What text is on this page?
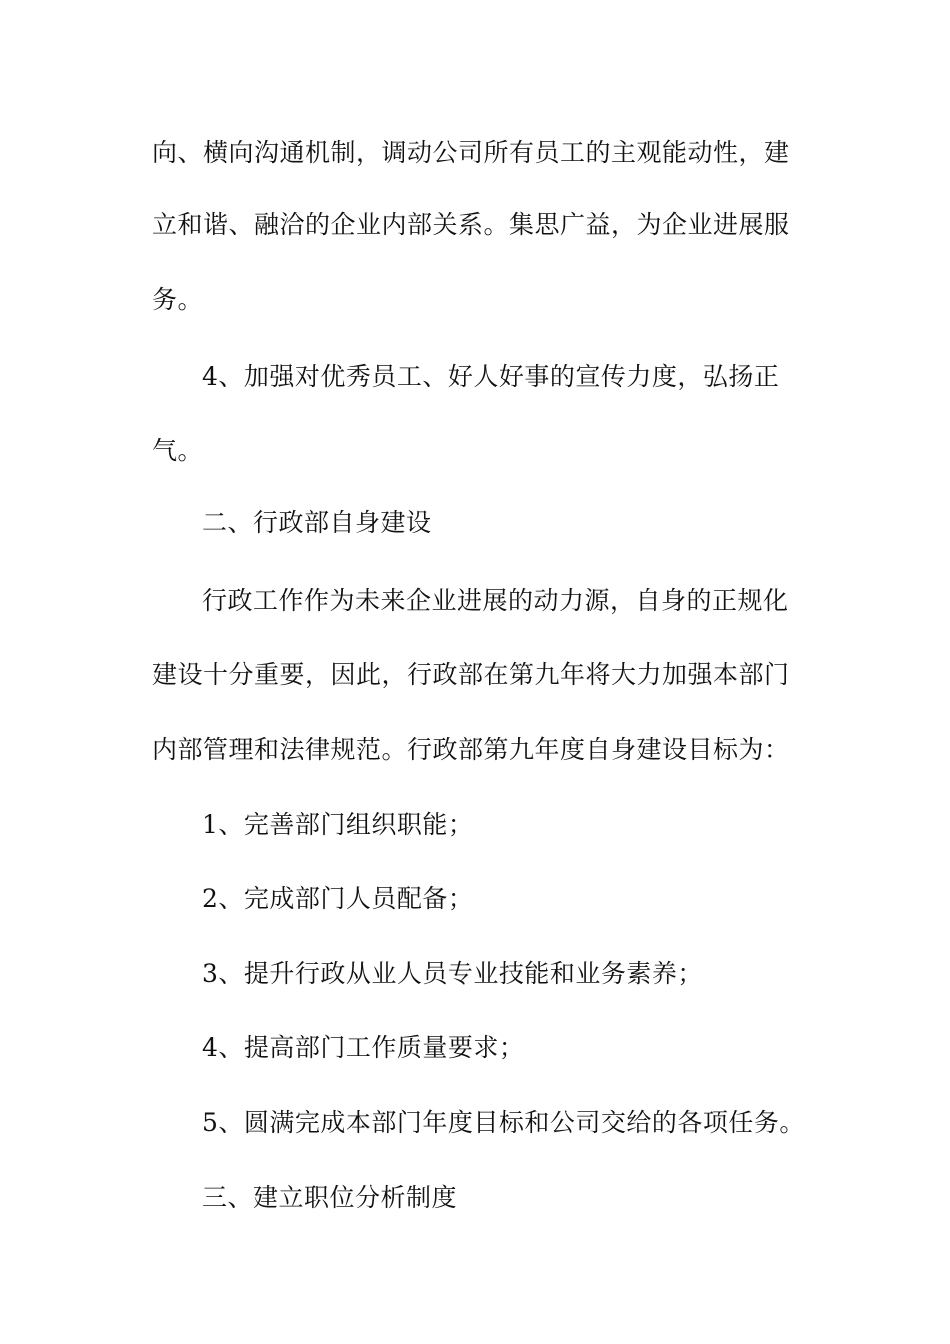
向、横向沟通机制，调动公司所有员工的主观能动性，建
立和谐、融洽的企业内部关系。集思广益，为企业进展服
务。
4、加强对优秀员工、好人好事的宣传力度，弘扬正
气。
二、行政部自身建设
行政工作作为未来企业进展的动力源，自身的正规化
建设十分重要，因此，行政部在第九年将大力加强本部门
内部管理和法律规范。行政部第九年度自身建设目标为：
1、完善部门组织职能；
2、完成部门人员配备；
3、提升行政从业人员专业技能和业务素养；
4、提高部门工作质量要求；
5、圆满完成本部门年度目标和公司交给的各项任务。
三、建立职位分析制度
